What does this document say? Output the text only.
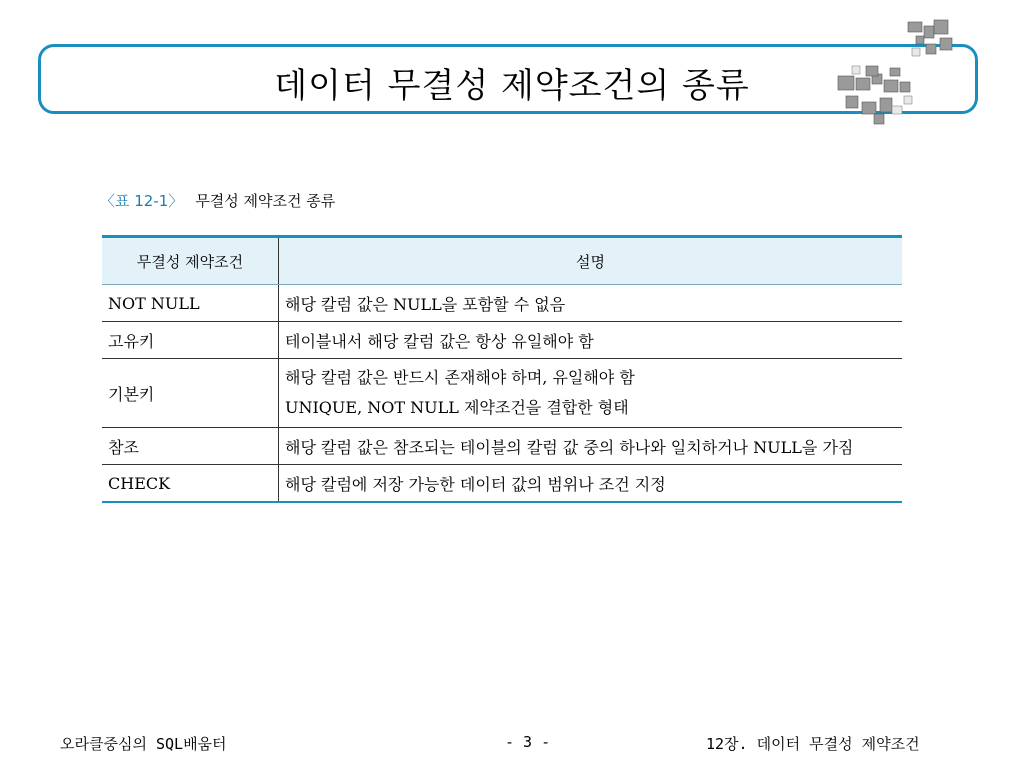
데이터 무결성 제약조건의 종류
〈표 12-1〉 무결성 제약조건 종류
무결성 제약조건	설명
NOT NULL	해당 칼럼 값은 NULL을 포함할 수 없음
고유키	테이블내서 해당 칼럼 값은 항상 유일해야 함
기본키	해당 칼럼 값은 반드시 존재해야 하며, 유일해야 함
UNIQUE, NOT NULL 제약조건을 결합한 형태

참조	해당 칼럼 값은 참조되는 테이블의 칼럼 값 중의 하나와 일치하거나 NULL을 가짐
CHECK	해당 칼럼에 저장 가능한 데이터 값의 범위나 조건 지정
오라클중심의 SQL배움터	- 3 -	12장. 데이터 무결성 제약조건
